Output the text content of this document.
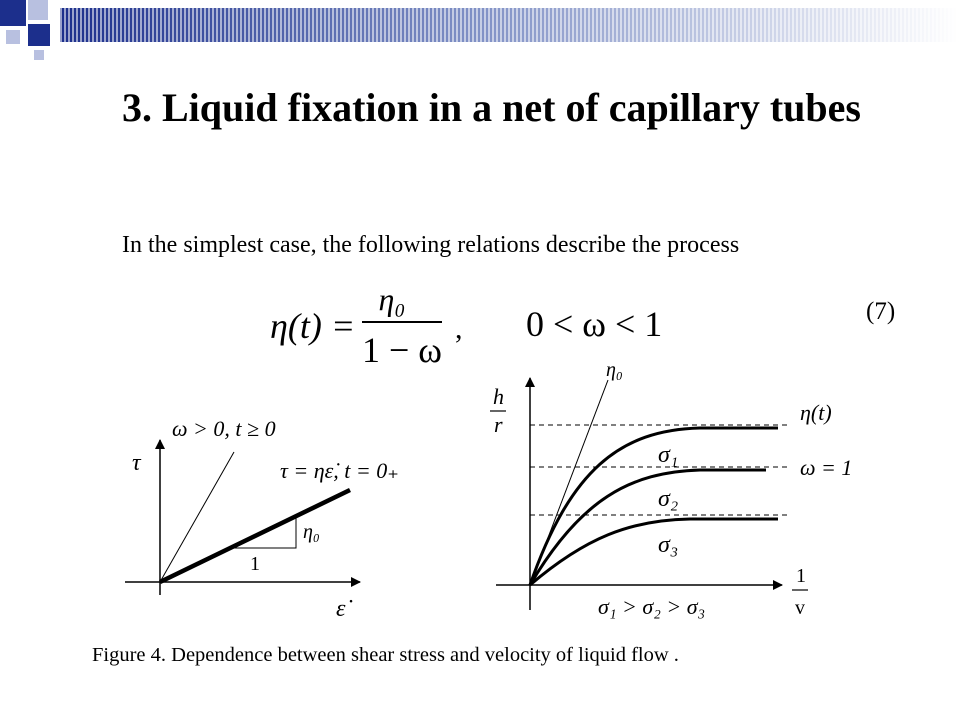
3. Liquid fixation in a net of capillary tubes

In the simplest case, the following relations describe the process

η(t) =
η₀
1 − ω
, 0 < ω < 1	(7)
τ
ε̇
ω > 0, t ≥ 0
τ = ηε̇, t = 0₊
1
η₀
h
r
1
v
η₀
η(t)
ω = 1
σ₁
σ₂
σ₃
σ₁ > σ₂ > σ₃
Figure 4. Dependence between shear stress and velocity of liquid flow .
